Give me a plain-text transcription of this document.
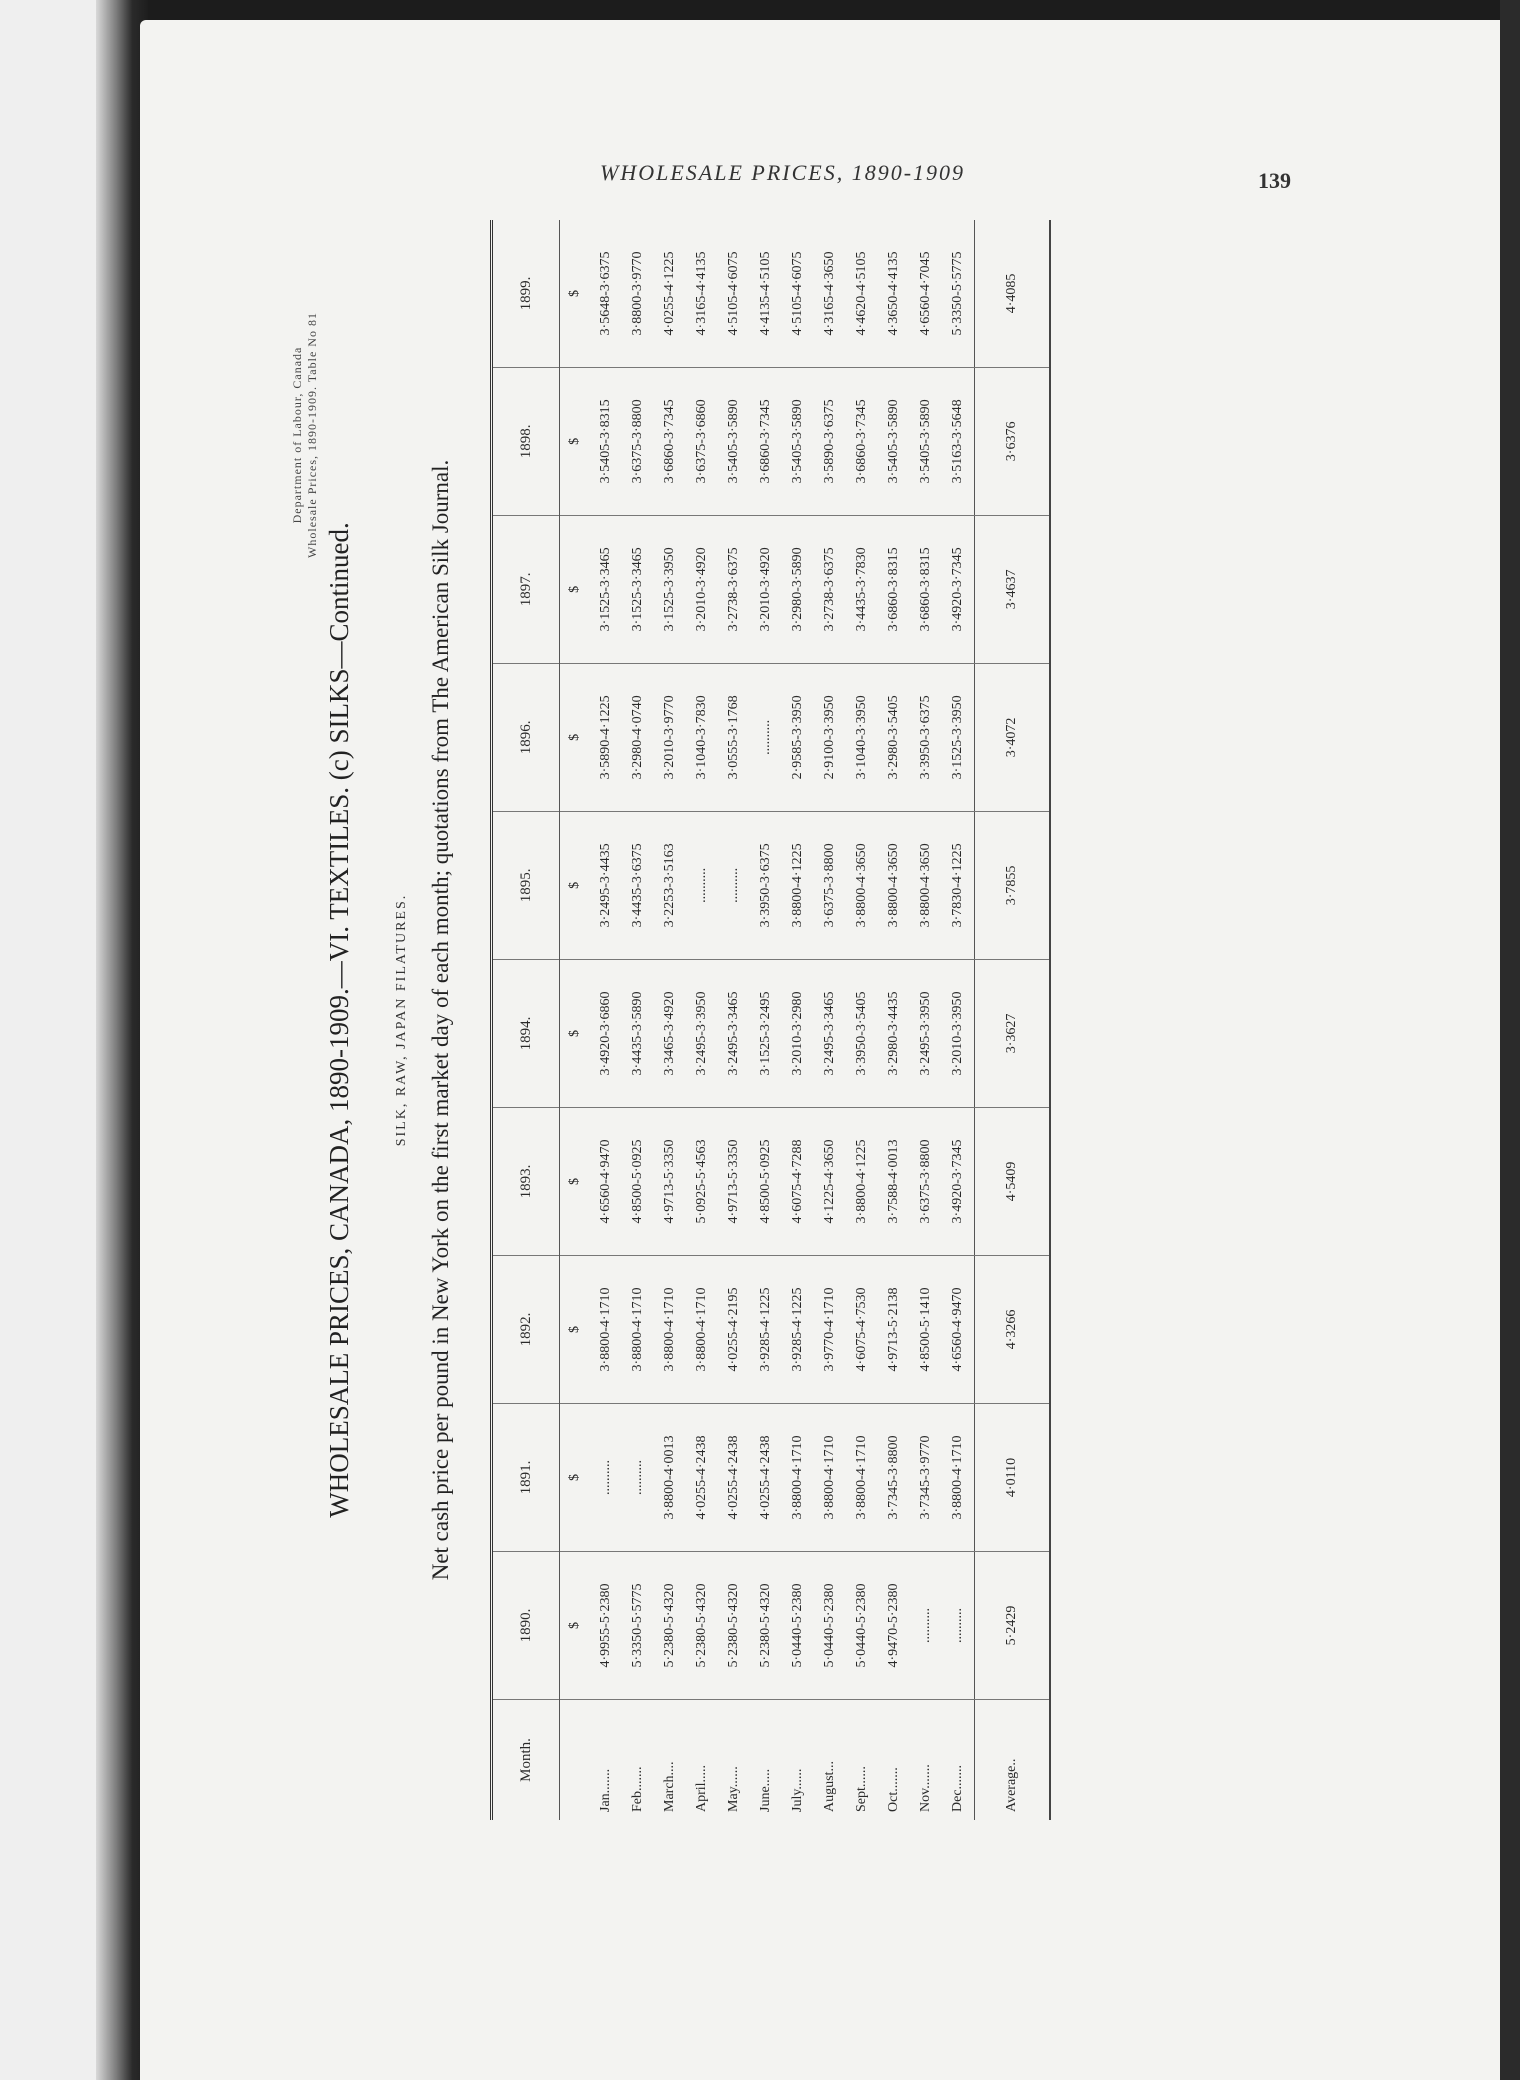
WHOLESALE PRICES, 1890-1909	139
Department of Labour, Canada Wholesale Prices, 1890-1909. Table No 81
WHOLESALE PRICES, CANADA, 1890-1909.—VI. TEXTILES. (c) SILKS—Continued.	SILK, RAW, JAPAN FILATURES. Net cash price per pound in New York on the first market day of each month; quotations from The American Silk Journal.
Month.	1890.	1891.	1892.	1893.	1894.	1895.	1896.	1897.	1898.	1899.
	$	$	$	$	$	$	$	$	$	$
Jan.......	4·9955-5·2380	..........	3·8800-4·1710	4·6560-4·9470	3·4920-3·6860	3·2495-3·4435	3·5890-4·1225	3·1525-3·3465	3·5405-3·8315	3·5648-3·6375
Feb.......	5·3350-5·5775	..........	3·8800-4·1710	4·8500-5·0925	3·4435-3·5890	3·4435-3·6375	3·2980-4·0740	3·1525-3·3465	3·6375-3·8800	3·8800-3·9770
March....	5·2380-5·4320	3·8800-4·0013	3·8800-4·1710	4·9713-5·3350	3·3465-3·4920	3·2253-3·5163	3·2010-3·9770	3·1525-3·3950	3·6860-3·7345	4·0255-4·1225
April.....	5·2380-5·4320	4·0255-4·2438	3·8800-4·1710	5·0925-5·4563	3·2495-3·3950	..........	3·1040-3·7830	3·2010-3·4920	3·6375-3·6860	4·3165-4·4135
May......	5·2380-5·4320	4·0255-4·2438	4·0255-4·2195	4·9713-5·3350	3·2495-3·3465	..........	3·0555-3·1768	3·2738-3·6375	3·5405-3·5890	4·5105-4·6075
June.....	5·2380-5·4320	4·0255-4·2438	3·9285-4·1225	4·8500-5·0925	3·1525-3·2495	3·3950-3·6375	..........	3·2010-3·4920	3·6860-3·7345	4·4135-4·5105
July......	5·0440-5·2380	3·8800-4·1710	3·9285-4·1225	4·6075-4·7288	3·2010-3·2980	3·8800-4·1225	2·9585-3·3950	3·2980-3·5890	3·5405-3·5890	4·5105-4·6075
August...	5·0440-5·2380	3·8800-4·1710	3·9770-4·1710	4·1225-4·3650	3·2495-3·3465	3·6375-3·8800	2·9100-3·3950	3·2738-3·6375	3·5890-3·6375	4·3165-4·3650
Sept......	5·0440-5·2380	3·8800-4·1710	4·6075-4·7530	3·8800-4·1225	3·3950-3·5405	3·8800-4·3650	3·1040-3·3950	3·4435-3·7830	3·6860-3·7345	4·4620-4·5105
Oct.......	4·9470-5·2380	3·7345-3·8800	4·9713-5·2138	3·7588-4·0013	3·2980-3·4435	3·8800-4·3650	3·2980-3·5405	3·6860-3·8315	3·5405-3·5890	4·3650-4·4135
Nov.......	..........	3·7345-3·9770	4·8500-5·1410	3·6375-3·8800	3·2495-3·3950	3·8800-4·3650	3·3950-3·6375	3·6860-3·8315	3·5405-3·5890	4·6560-4·7045
Dec.......	..........	3·8800-4·1710	4·6560-4·9470	3·4920-3·7345	3·2010-3·3950	3·7830-4·1225	3·1525-3·3950	3·4920-3·7345	3·5163-3·5648	5·3350-5·5775
Average..	5·2429	4·0110	4·3266	4·5409	3·3627	3·7855	3·4072	3·4637	3·6376	4·4085
